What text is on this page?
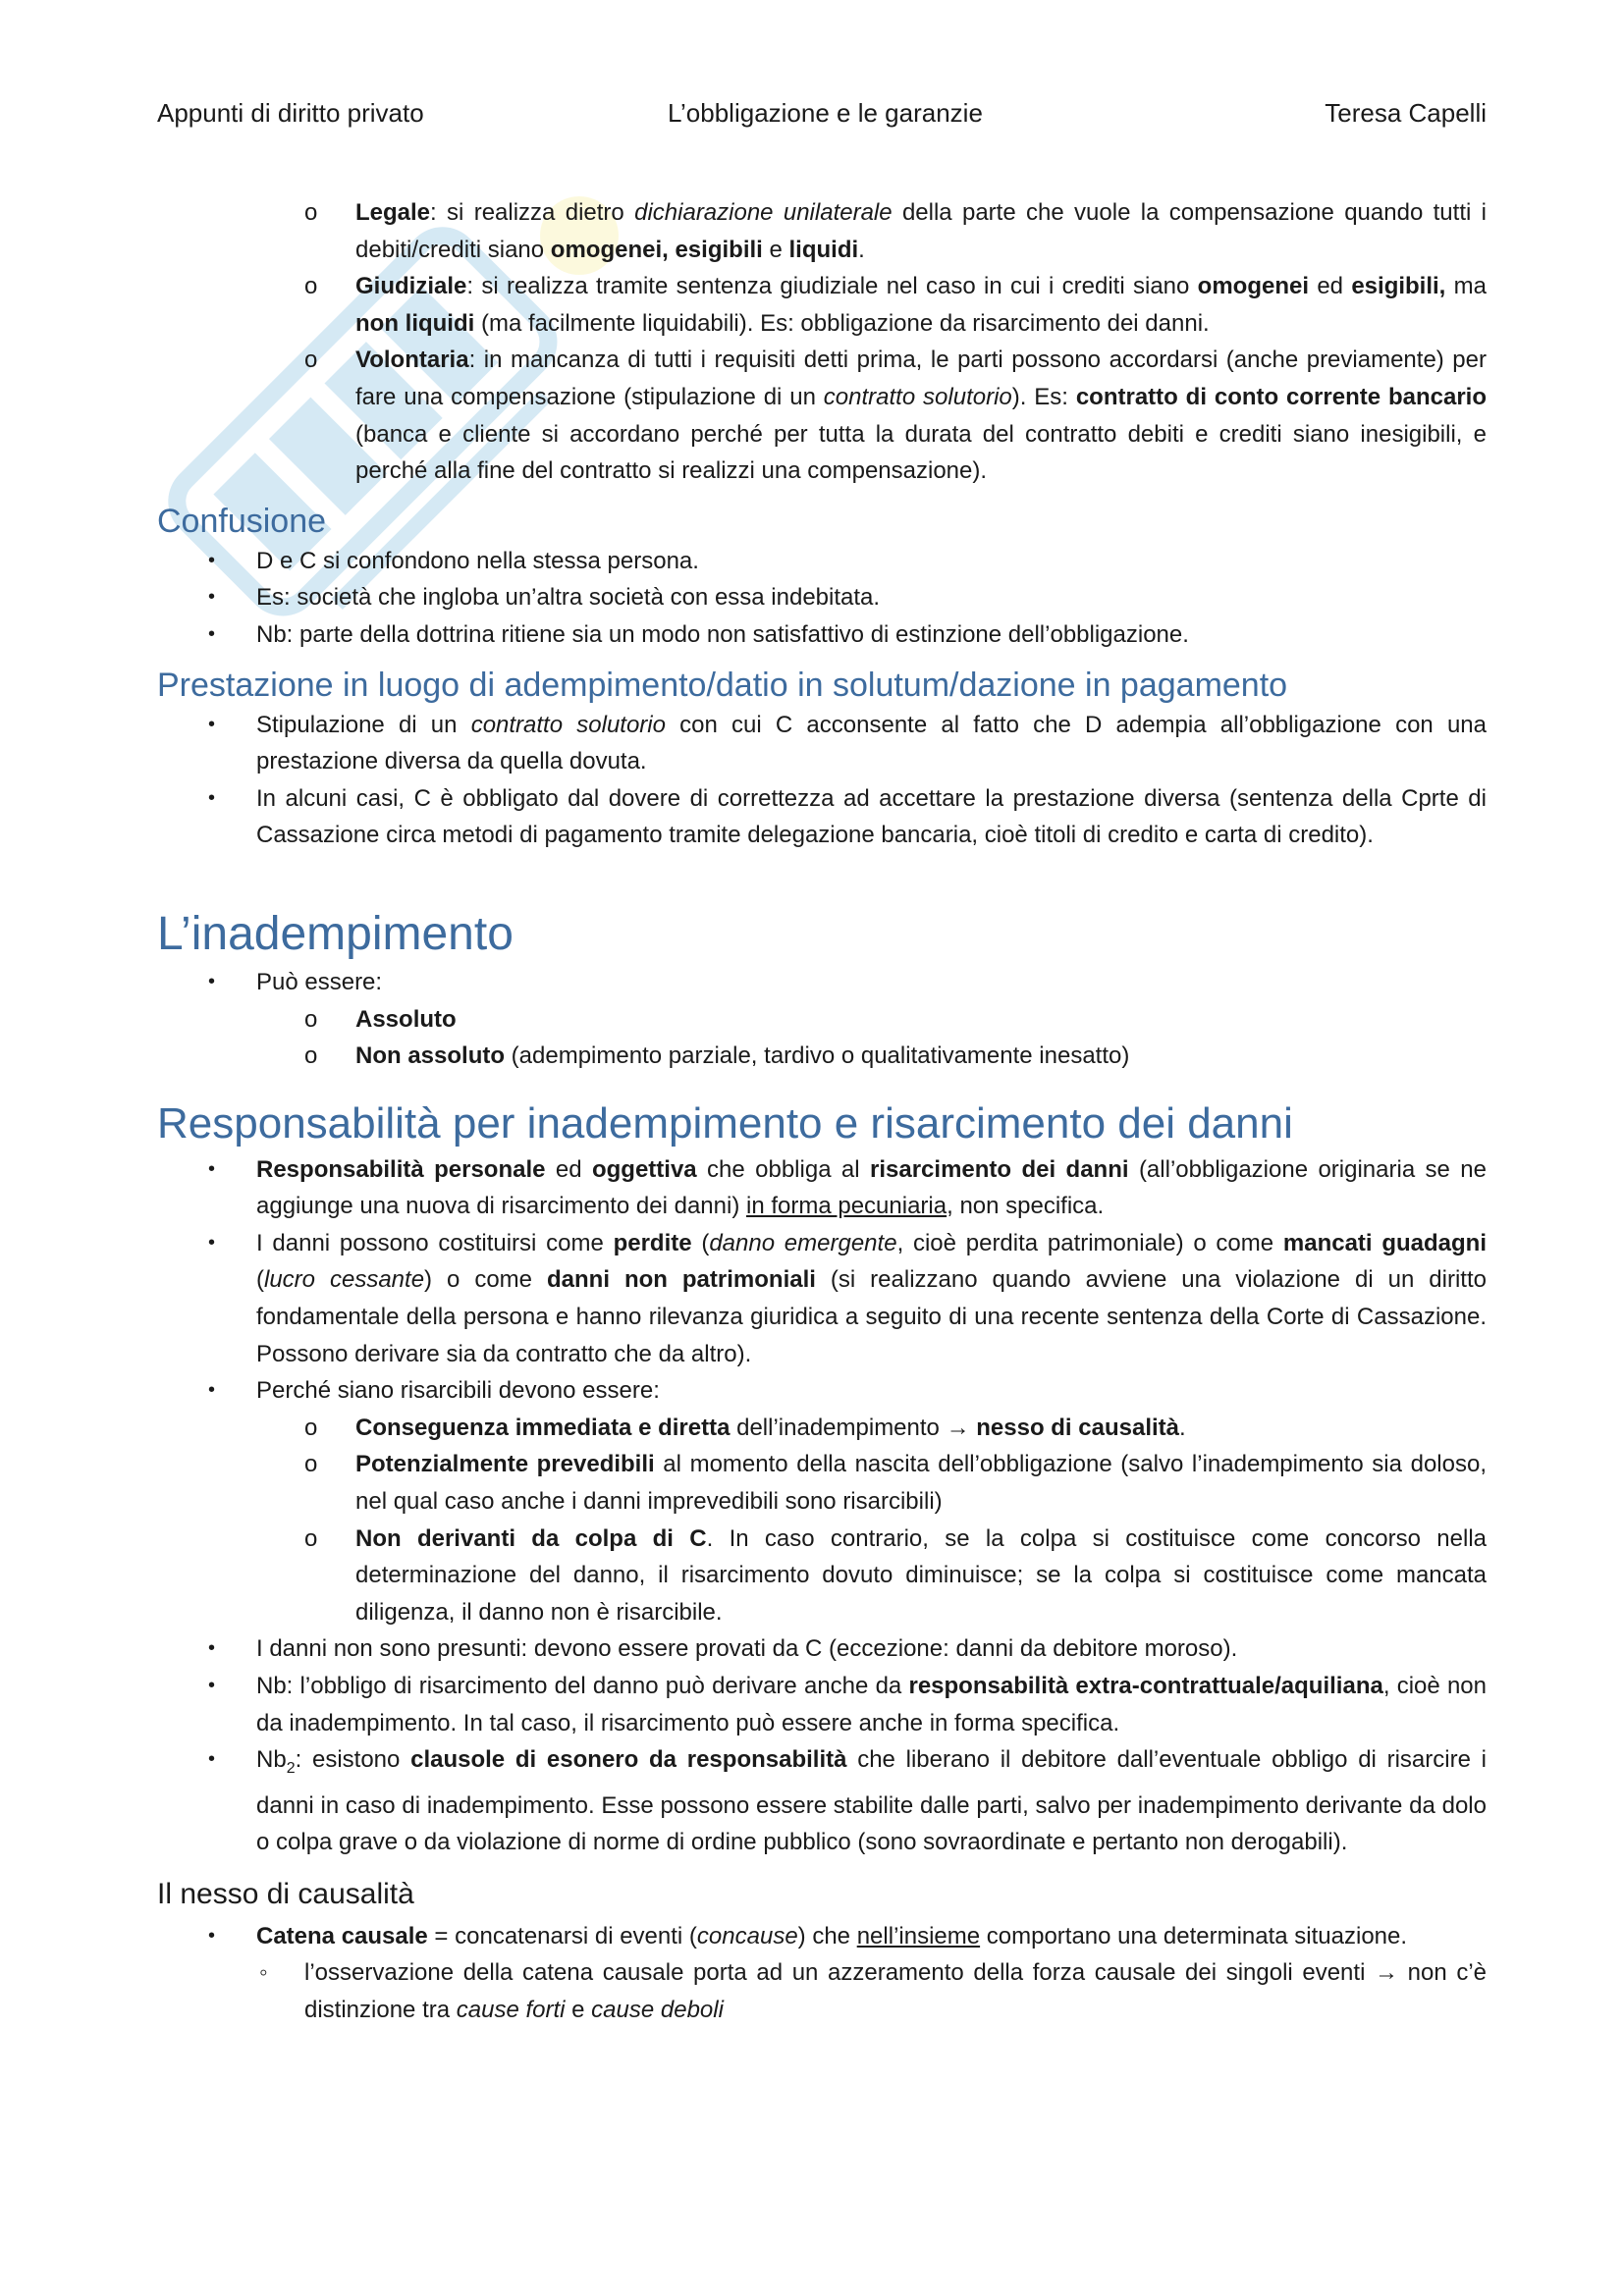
Appunti di diritto privato	L’obbligazione e le garanzie	Teresa Capelli

o Legale: si realizza dietro dichiarazione unilaterale della parte che vuole la compensazione quando tutti i debiti/crediti siano omogenei, esigibili e liquidi.

o Giudiziale: si realizza tramite sentenza giudiziale nel caso in cui i crediti siano omogenei ed esigibili, ma non liquidi (ma facilmente liquidabili). Es: obbligazione da risarcimento dei danni.

o Volontaria: in mancanza di tutti i requisiti detti prima, le parti possono accordarsi (anche previamente) per fare una compensazione (stipulazione di un contratto solutorio). Es: contratto di conto corrente bancario (banca e cliente si accordano perché per tutta la durata del contratto debiti e crediti siano inesigibili, e perché alla fine del contratto si realizzi una compensazione).

Confusione

• D e C si confondono nella stessa persona.

• Es: società che ingloba un’altra società con essa indebitata.

• Nb: parte della dottrina ritiene sia un modo non satisfattivo di estinzione dell’obbligazione.

Prestazione in luogo di adempimento/datio in solutum/dazione in pagamento

• Stipulazione di un contratto solutorio con cui C acconsente al fatto che D adempia all’obbligazione con una prestazione diversa da quella dovuta.

• In alcuni casi, C è obbligato dal dovere di correttezza ad accettare la prestazione diversa (sentenza della Cprte di Cassazione circa metodi di pagamento tramite delegazione bancaria, cioè titoli di credito e carta di credito).

L’inadempimento

• Può essere:

o Assoluto

o Non assoluto (adempimento parziale, tardivo o qualitativamente inesatto)

Responsabilità per inadempimento e risarcimento dei danni

• Responsabilità personale ed oggettiva che obbliga al risarcimento dei danni (all’obbligazione originaria se ne aggiunge una nuova di risarcimento dei danni) in forma pecuniaria, non specifica.

• I danni possono costituirsi come perdite (danno emergente, cioè perdita patrimoniale) o come mancati guadagni (lucro cessante) o come danni non patrimoniali (si realizzano quando avviene una violazione di un diritto fondamentale della persona e hanno rilevanza giuridica a seguito di una recente sentenza della Corte di Cassazione. Possono derivare sia da contratto che da altro).

• Perché siano risarcibili devono essere:

o Conseguenza immediata e diretta dell’inadempimento → nesso di causalità.

o Potenzialmente prevedibili al momento della nascita dell’obbligazione (salvo l’inadempimento sia doloso, nel qual caso anche i danni imprevedibili sono risarcibili)

o Non derivanti da colpa di C. In caso contrario, se la colpa si costituisce come concorso nella determinazione del danno, il risarcimento dovuto diminuisce; se la colpa si costituisce come mancata diligenza, il danno non è risarcibile.

• I danni non sono presunti: devono essere provati da C (eccezione: danni da debitore moroso).

• Nb: l’obbligo di risarcimento del danno può derivare anche da responsabilità extra-contrattuale/aquiliana, cioè non da inadempimento. In tal caso, il risarcimento può essere anche in forma specifica.

• $Nb_2$: esistono clausole di esonero da responsabilità che liberano il debitore dall’eventuale obbligo di risarcire i danni in caso di inadempimento. Esse possono essere stabilite dalle parti, salvo per inadempimento derivante da dolo o colpa grave o da violazione di norme di ordine pubblico (sono sovraordinate e pertanto non derogabili).

Il nesso di causalità

• Catena causale = concatenarsi di eventi (concause) che nell’insieme comportano una determinata situazione.

◦ l’osservazione della catena causale porta ad un azzeramento della forza causale dei singoli eventi → non c’è distinzione tra cause forti e cause deboli
